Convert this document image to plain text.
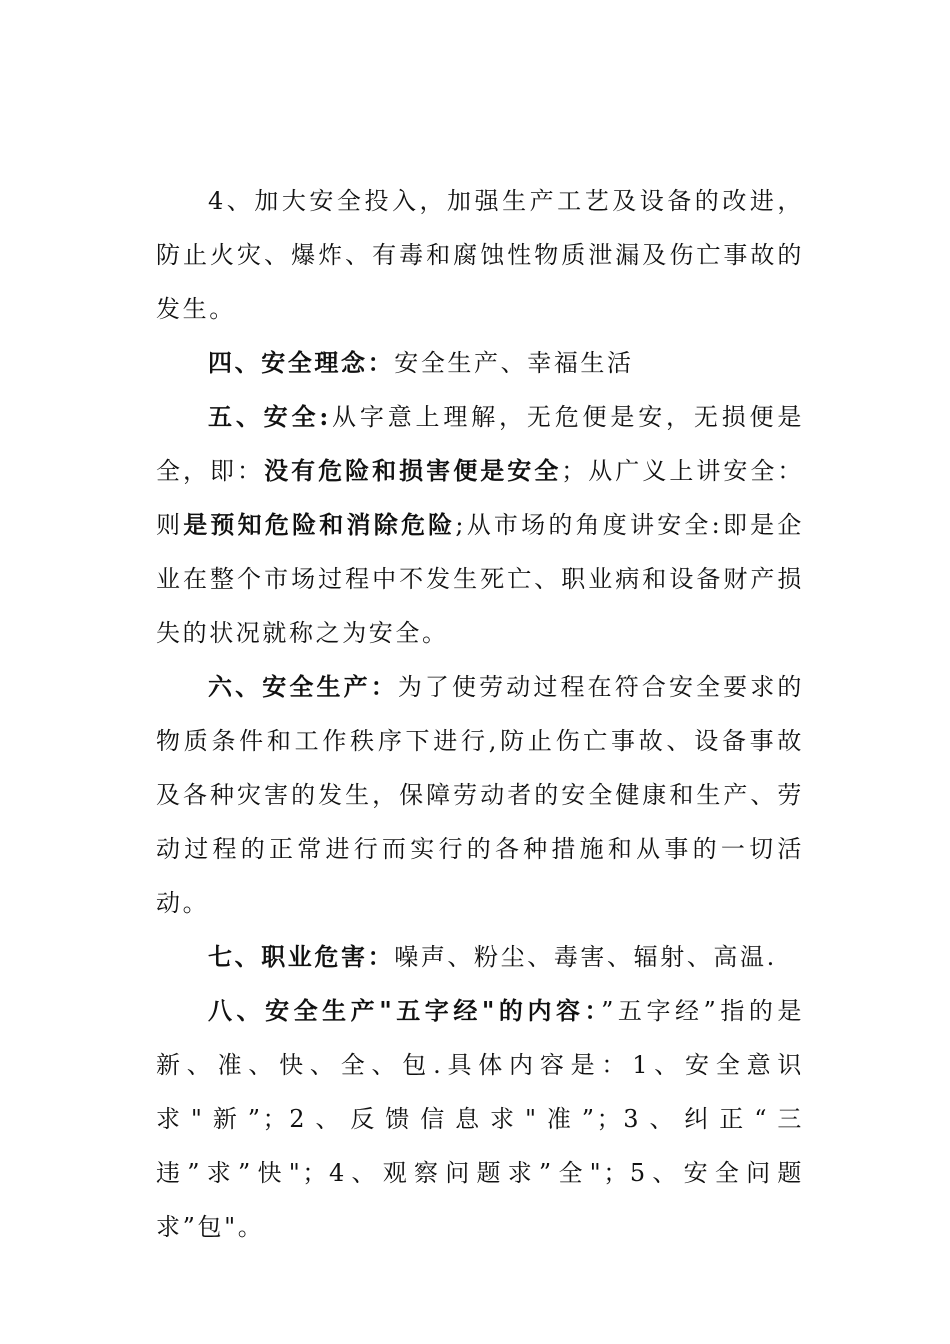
4、加大安全投入，加强生产工艺及设备的改进，防止火灾、爆炸、有毒和腐蚀性物质泄漏及伤亡事故的发生。

四、安全理念：安全生产、幸福生活

五、安全:从字意上理解，无危便是安，无损便是全，即：没有危险和损害便是安全；从广义上讲安全：则是预知危险和消除危险;从市场的角度讲安全:即是企业在整个市场过程中不发生死亡、职业病和设备财产损失的状况就称之为安全。

六、安全生产：为了使劳动过程在符合安全要求的物质条件和工作秩序下进行,防止伤亡事故、设备事故及各种灾害的发生，保障劳动者的安全健康和生产、劳动过程的正常进行而实行的各种措施和从事的一切活动。

七、职业危害：噪声、粉尘、毒害、辐射、高温.

八、安全生产"五字经"的内容：”五字经”指的是新、准、快、全、包.具体内容是：1、安全意识求"新”；2、反馈信息求"准”；3、纠正“三违”求”快"；4、观察问题求”全"；5、安全问题求”包"。
